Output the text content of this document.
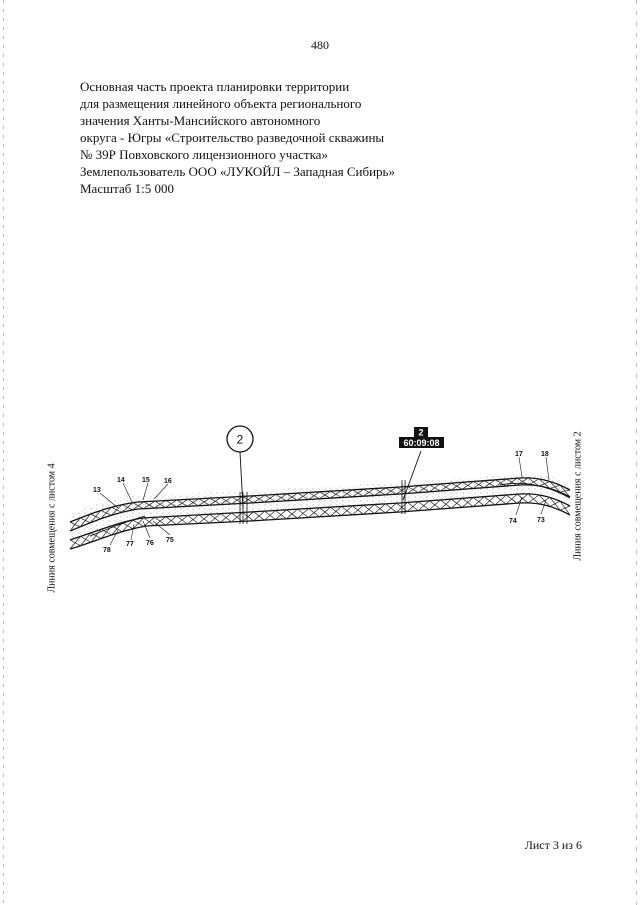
480
Основная часть проекта планировки территории
для размещения линейного объекта регионального
значения Ханты-Мансийского автономного
округа - Югры «Строительство разведочной скважины
№ 39Р Повховского лицензионного участка»
Землепользователь ООО «ЛУКОЙЛ – Западная Сибирь»
Масштаб 1:5 000
Линия совмещения с листом 4	Линия совмещения с листом 2
2	2
60:09:08
13
14 15 16
17	18
78
77 76 75
74	73
Лист 3 из 6
